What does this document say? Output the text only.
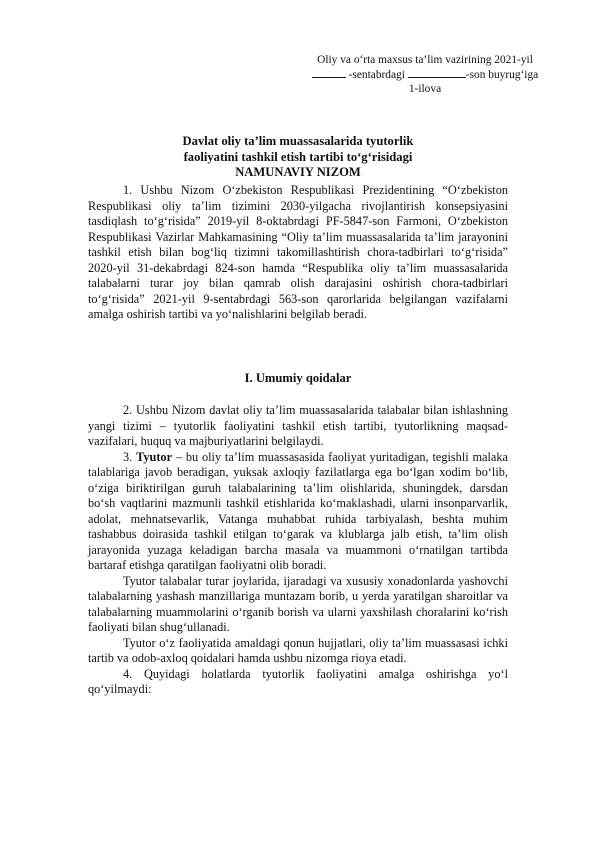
Oliy va o‘rta maxsus ta’lim vazirining 2021-yil
-sentabrdagi	-son buyrug‘iga
1-ilova
Davlat oliy ta’lim muassasalarida tyutorlik
faoliyatini tashkil etish tartibi to‘g‘risidagi
NAMUNAVIY NIZOM

1. Ushbu Nizom O‘zbekiston Respublikasi Prezidentining “O‘zbekiston Respublikasi oliy ta’lim tizimini 2030-yilgacha rivojlantirish konsepsiyasini tasdiqlash to‘g‘risida” 2019-yil 8-oktabrdagi PF-5847-son Farmoni, O‘zbekiston Respublikasi Vazirlar Mahkamasining “Oliy ta’lim muassasalarida ta’lim jarayonini tashkil etish bilan bog‘liq tizimni takomillashtirish chora-tadbirlari to‘g‘risida” 2020-yil 31-dekabrdagi 824-son hamda “Respublika oliy ta’lim muassasalarida talabalarni turar joy bilan qamrab olish darajasini oshirish chora-tadbirlari to‘g‘risida” 2021-yil 9-sentabrdagi 563-son qarorlarida belgilangan vazifalarni amalga oshirish tartibi va yo‘nalishlarini belgilab beradi.

I. Umumiy qoidalar

2. Ushbu Nizom davlat oliy ta’lim muassasalarida talabalar bilan ishlashning yangi tizimi – tyutorlik faoliyatini tashkil etish tartibi, tyutorlikning maqsad-vazifalari, huquq va majburiyatlarini belgilaydi.

3. Tyutor – bu oliy ta’lim muassasasida faoliyat yuritadigan, tegishli malaka talablariga javob beradigan, yuksak axloqiy fazilatlarga ega bo‘lgan xodim bo‘lib, o‘ziga biriktirilgan guruh talabalarining ta’lim olishlarida, shuningdek, darsdan bo‘sh vaqtlarini mazmunli tashkil etishlarida ko‘maklashadi, ularni insonparvarlik, adolat, mehnatsevarlik, Vatanga muhabbat ruhida tarbiyalash, beshta muhim tashabbus doirasida tashkil etilgan to‘garak va klublarga jalb etish, ta’lim olish jarayonida yuzaga keladigan barcha masala va muammoni o‘rnatilgan tartibda bartaraf etishga qaratilgan faoliyatni olib boradi.

Tyutor talabalar turar joylarida, ijaradagi va xususiy xonadonlarda yashovchi talabalarning yashash manzillariga muntazam borib, u yerda yaratilgan sharoitlar va talabalarning muammolarini o‘rganib borish va ularni yaxshilash choralarini ko‘rish faoliyati bilan shug‘ullanadi.

Tyutor o‘z faoliyatida amaldagi qonun hujjatlari, oliy ta’lim muassasasi ichki tartib va odob-axloq qoidalari hamda ushbu nizomga rioya etadi.

4. Quyidagi holatlarda tyutorlik faoliyatini amalga oshirishga yo‘l qo‘yilmaydi:
